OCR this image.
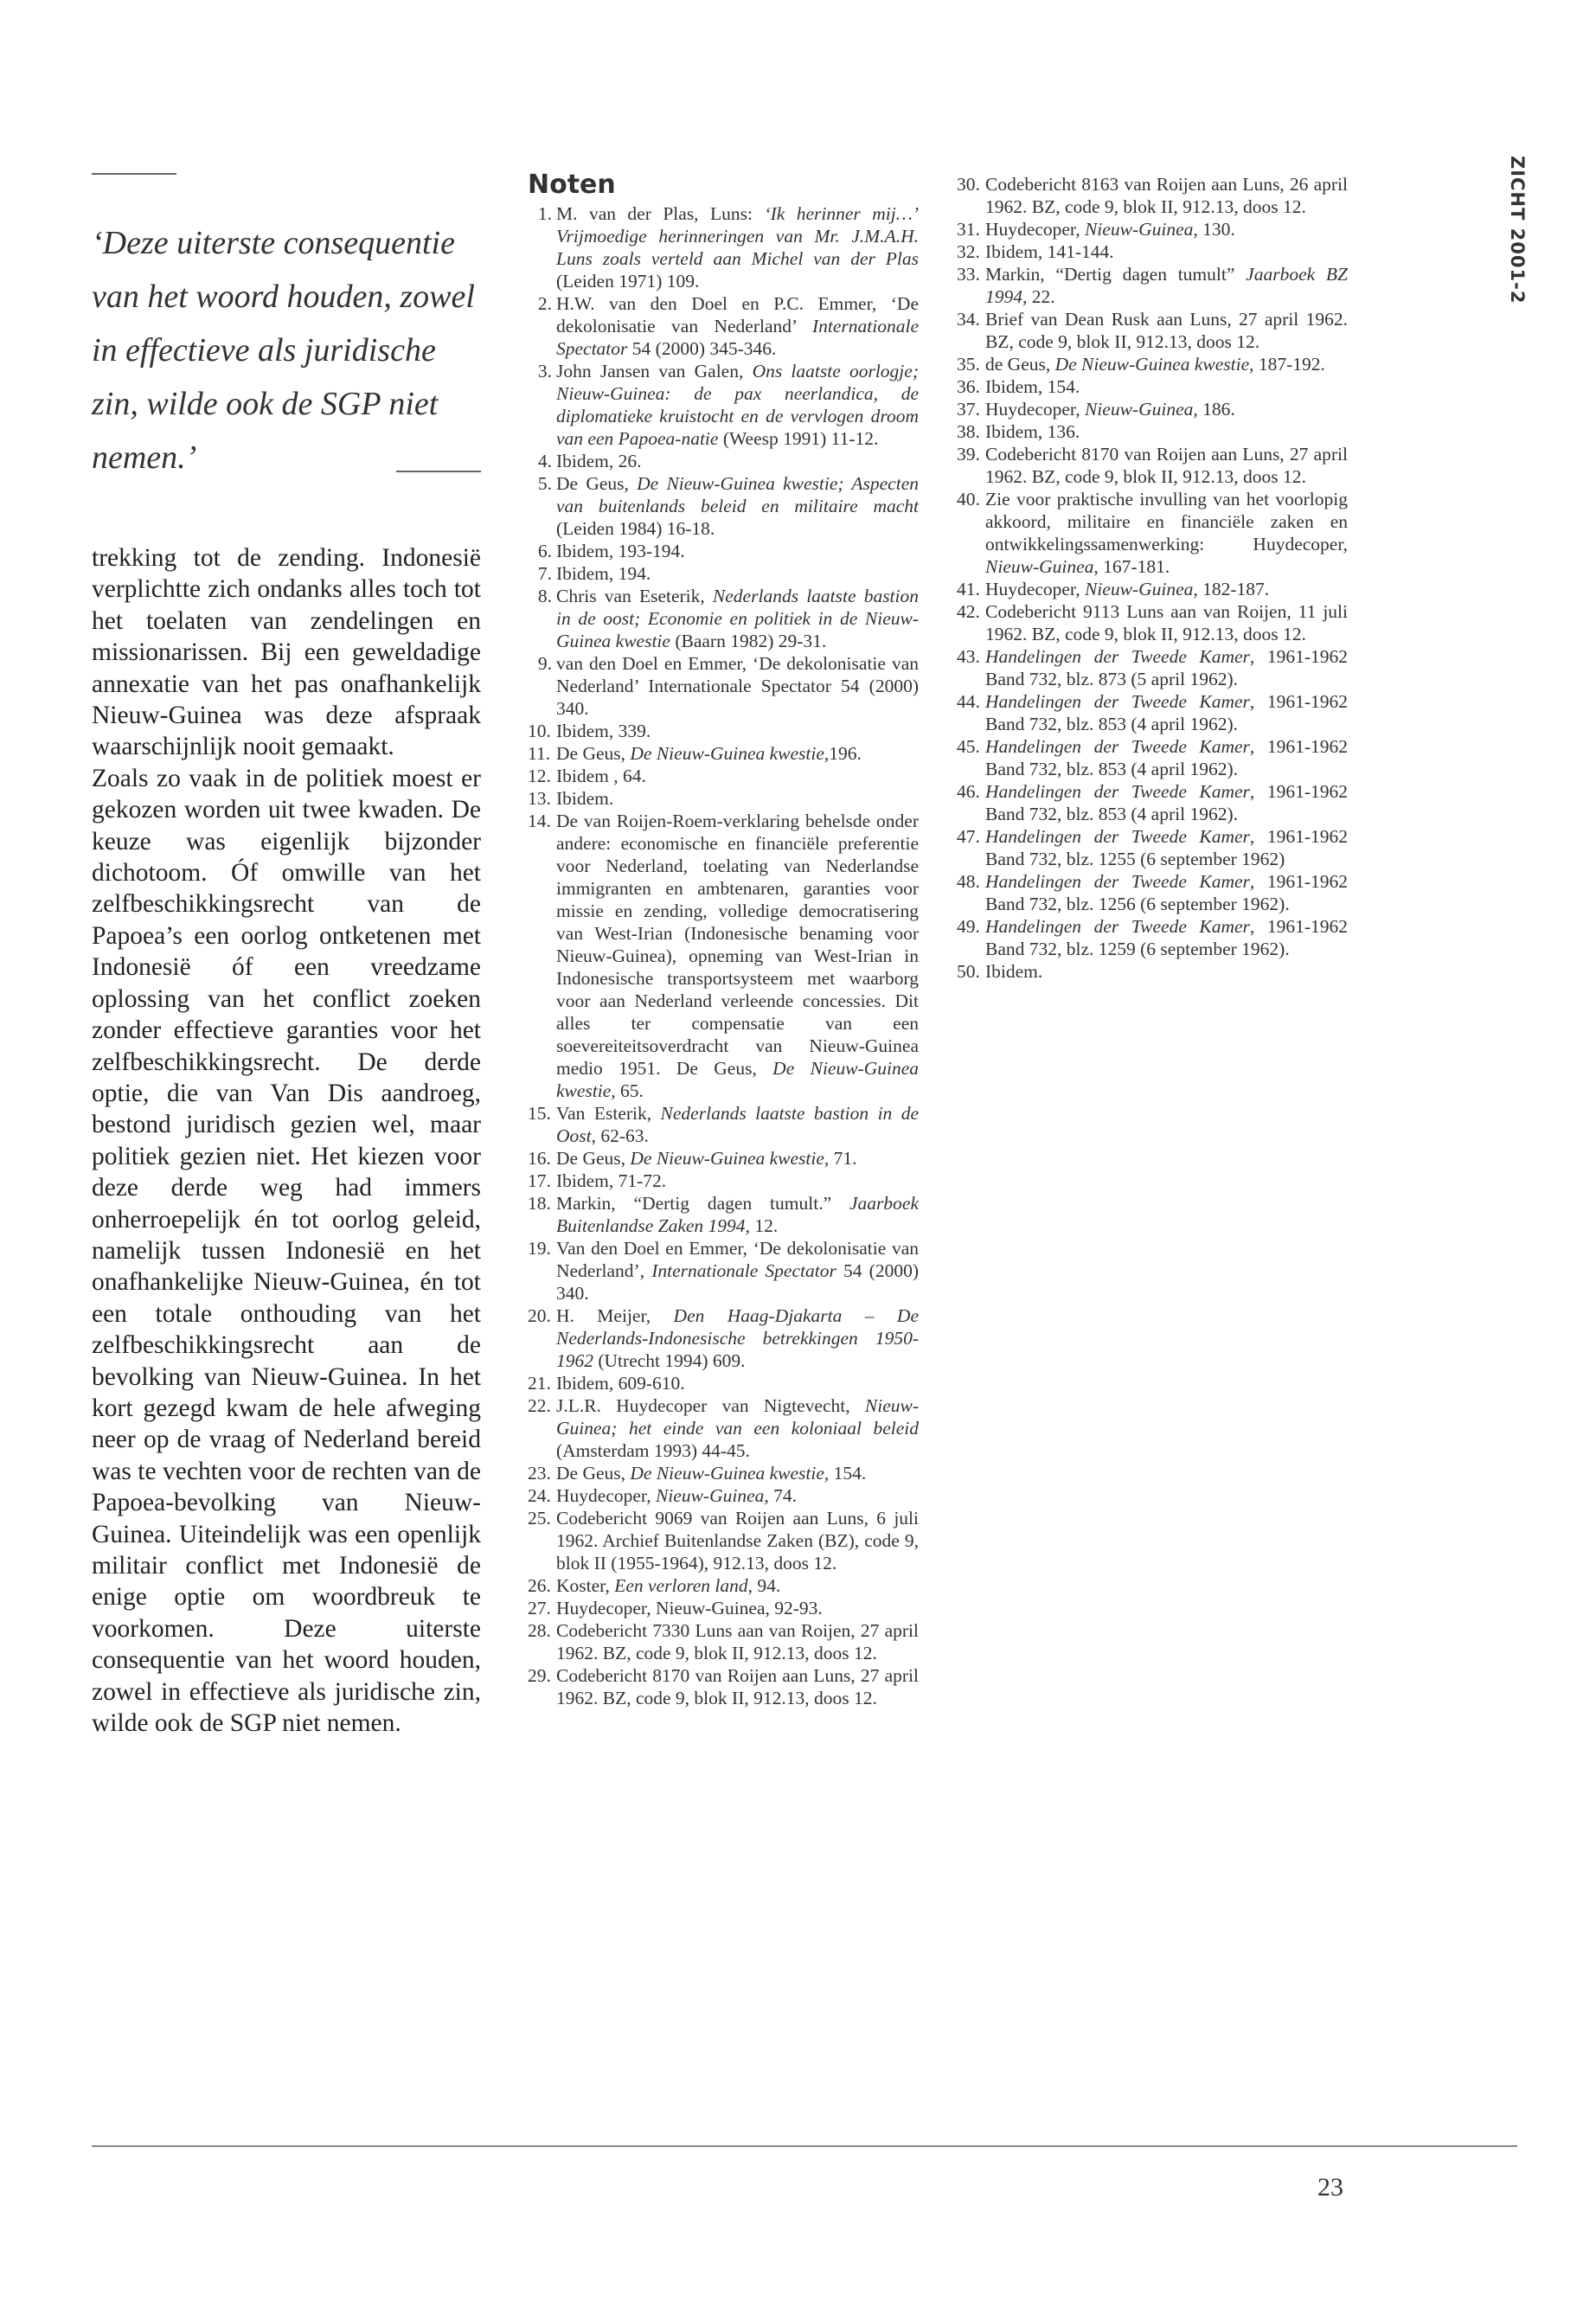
‘Deze uiterste consequentie van het woord houden, zowel in effectieve als juridische zin, wilde ook de SGP niet nemen.’

trekking tot de zending. Indonesië verplichtte zich ondanks alles toch tot het toelaten van zendelingen en missionarissen. Bij een geweldadige annexatie van het pas onafhankelijk Nieuw-Guinea was deze afspraak waarschijnlijk nooit gemaakt.

Zoals zo vaak in de politiek moest er gekozen worden uit twee kwaden. De keuze was eigenlijk bijzonder dichotoom. Óf omwille van het zelfbeschikkingsrecht van de Papoea’s een oorlog ontketenen met Indonesië óf een vreedzame oplossing van het conflict zoeken zonder effectieve garanties voor het zelfbeschikkingsrecht. De derde optie, die van Van Dis aandroeg, bestond juridisch gezien wel, maar politiek gezien niet. Het kiezen voor deze derde weg had immers onherroepelijk én tot oorlog geleid, namelijk tussen Indonesië en het onafhankelijke Nieuw-Guinea, én tot een totale onthouding van het zelfbeschikkingsrecht aan de bevolking van Nieuw-Guinea. In het kort gezegd kwam de hele afweging neer op de vraag of Nederland bereid was te vechten voor de rechten van de Papoea-bevolking van Nieuw-Guinea. Uiteindelijk was een openlijk militair conflict met Indonesië de enige optie om woordbreuk te voorkomen. Deze uiterste consequentie van het woord houden, zowel in effectieve als juridische zin, wilde ook de SGP niet nemen.

Noten
1. M. van der Plas, Luns: ‘Ik herinner mij…’ Vrijmoedige herinneringen van Mr. J.M.A.H. Luns zoals verteld aan Michel van der Plas (Leiden 1971) 109.
2. H.W. van den Doel en P.C. Emmer, ‘De dekolonisatie van Nederland’ Internationale Spectator 54 (2000) 345-346.
3. John Jansen van Galen, Ons laatste oorlogje; Nieuw-Guinea: de pax neerlandica, de diplomatieke kruistocht en de vervlogen droom van een Papoea-natie (Weesp 1991) 11-12.
4. Ibidem, 26.
5. De Geus, De Nieuw-Guinea kwestie; Aspecten van buitenlands beleid en militaire macht (Leiden 1984) 16-18.
6. Ibidem, 193-194.
7. Ibidem, 194.
8. Chris van Eseterik, Nederlands laatste bastion in de oost; Economie en politiek in de Nieuw-Guinea kwestie (Baarn 1982) 29-31.
9. van den Doel en Emmer, ‘De dekolonisatie van Nederland’ Internationale Spectator 54 (2000) 340.
10. Ibidem, 339.
11. De Geus, De Nieuw-Guinea kwestie,196.
12. Ibidem , 64.
13. Ibidem.
14. De van Roijen-Roem-verklaring behelsde onder andere: economische en financiële preferentie voor Nederland, toelating van Nederlandse immigranten en ambtenaren, garanties voor missie en zending, volledige democratisering van West-Irian (Indonesische benaming voor Nieuw-Guinea), opneming van West-Irian in Indonesische transportsysteem met waarborg voor aan Nederland verleende concessies. Dit alles ter compensatie van een soevereiteitsoverdracht van Nieuw-Guinea medio 1951. De Geus, De Nieuw-Guinea kwestie, 65.
15. Van Esterik, Nederlands laatste bastion in de Oost, 62-63.
16. De Geus, De Nieuw-Guinea kwestie, 71.
17. Ibidem, 71-72.
18. Markin, “Dertig dagen tumult.” Jaarboek Buitenlandse Zaken 1994, 12.
19. Van den Doel en Emmer, ‘De dekolonisatie van Nederland’, Internationale Spectator 54 (2000) 340.
20. H. Meijer, Den Haag-Djakarta – De Nederlands-Indonesische betrekkingen 1950-1962 (Utrecht 1994) 609.
21. Ibidem, 609-610.
22. J.L.R. Huydecoper van Nigtevecht, Nieuw-Guinea; het einde van een koloniaal beleid (Amsterdam 1993) 44-45.
23. De Geus, De Nieuw-Guinea kwestie, 154.
24. Huydecoper, Nieuw-Guinea, 74.
25. Codebericht 9069 van Roijen aan Luns, 6 juli 1962. Archief Buitenlandse Zaken (BZ), code 9, blok II (1955-1964), 912.13, doos 12.
26. Koster, Een verloren land, 94.
27. Huydecoper, Nieuw-Guinea, 92-93.
28. Codebericht 7330 Luns aan van Roijen, 27 april 1962. BZ, code 9, blok II, 912.13, doos 12.
29. Codebericht 8170 van Roijen aan Luns, 27 april 1962. BZ, code 9, blok II, 912.13, doos 12.
30. Codebericht 8163 van Roijen aan Luns, 26 april 1962. BZ, code 9, blok II, 912.13, doos 12.
31. Huydecoper, Nieuw-Guinea, 130.
32. Ibidem, 141-144.
33. Markin, “Dertig dagen tumult” Jaarboek BZ 1994, 22.
34. Brief van Dean Rusk aan Luns, 27 april 1962. BZ, code 9, blok II, 912.13, doos 12.
35. de Geus, De Nieuw-Guinea kwestie, 187-192.
36. Ibidem, 154.
37. Huydecoper, Nieuw-Guinea, 186.
38. Ibidem, 136.
39. Codebericht 8170 van Roijen aan Luns, 27 april 1962. BZ, code 9, blok II, 912.13, doos 12.
40. Zie voor praktische invulling van het voorlopig akkoord, militaire en financiële zaken en ontwikkelingssamenwerking: Huydecoper, Nieuw-Guinea, 167-181.
41. Huydecoper, Nieuw-Guinea, 182-187.
42. Codebericht 9113 Luns aan van Roijen, 11 juli 1962. BZ, code 9, blok II, 912.13, doos 12.
43. Handelingen der Tweede Kamer, 1961-1962 Band 732, blz. 873 (5 april 1962).
44. Handelingen der Tweede Kamer, 1961-1962 Band 732, blz. 853 (4 april 1962).
45. Handelingen der Tweede Kamer, 1961-1962 Band 732, blz. 853 (4 april 1962).
46. Handelingen der Tweede Kamer, 1961-1962 Band 732, blz. 853 (4 april 1962).
47. Handelingen der Tweede Kamer, 1961-1962 Band 732, blz. 1255 (6 september 1962)
48. Handelingen der Tweede Kamer, 1961-1962 Band 732, blz. 1256 (6 september 1962).
49. Handelingen der Tweede Kamer, 1961-1962 Band 732, blz. 1259 (6 september 1962).
50. Ibidem.
ZICHT 2001-2
23
